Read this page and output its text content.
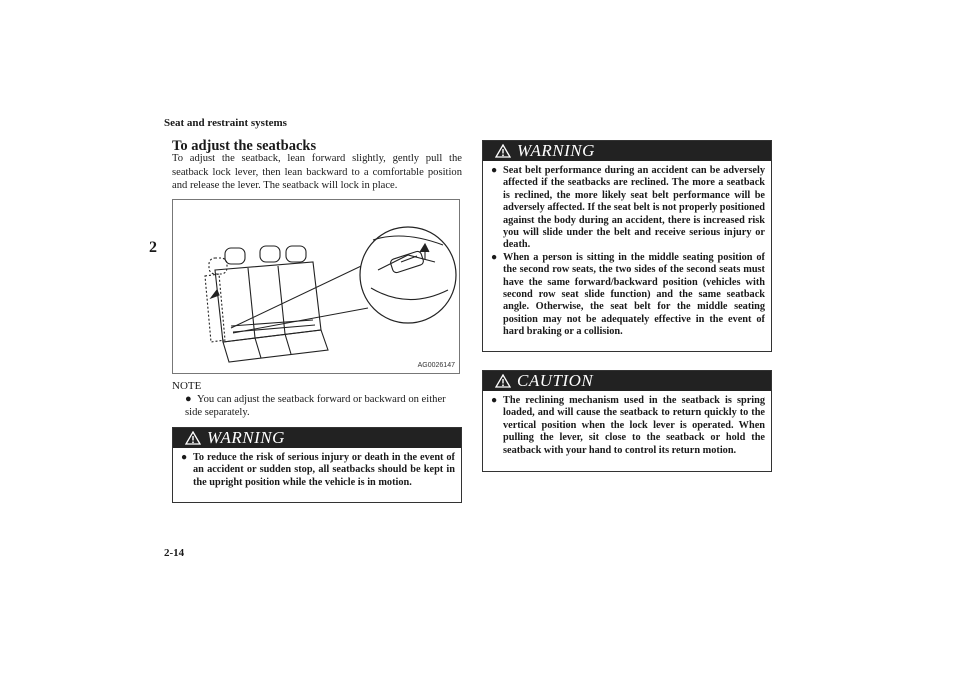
Seat and restraint systems
2
2-14
To adjust the seatbacks
To adjust the seatback, lean forward slightly, gently pull the seatback lock lever, then lean backward to a comfortable position and release the lever. The seatback will lock in place.
AG0026147
NOTE
● You can adjust the seatback forward or backward on either side separately.
WARNING
● To reduce the risk of serious injury or death in the event of an accident or sudden stop, all seatbacks should be kept in the upright position while the vehicle is in motion.
WARNING
● Seat belt performance during an accident can be adversely affected if the seatbacks are reclined. The more a seatback is reclined, the more likely seat belt performance will be adversely affected. If the seat belt is not properly positioned against the body during an accident, there is increased risk you will slide under the belt and receive serious injury or death.
● When a person is sitting in the middle seating position of the second row seats, the two sides of the second seats must have the same forward/backward position (vehicles with second row seat slide function) and the same seatback angle. Otherwise, the seat belt for the middle seating position may not be adequately effective in the event of hard braking or a collision.
CAUTION
● The reclining mechanism used in the seatback is spring loaded, and will cause the seatback to return quickly to the vertical position when the lock lever is operated. When pulling the lever, sit close to the seatback or hold the seatback with your hand to control its return motion.
